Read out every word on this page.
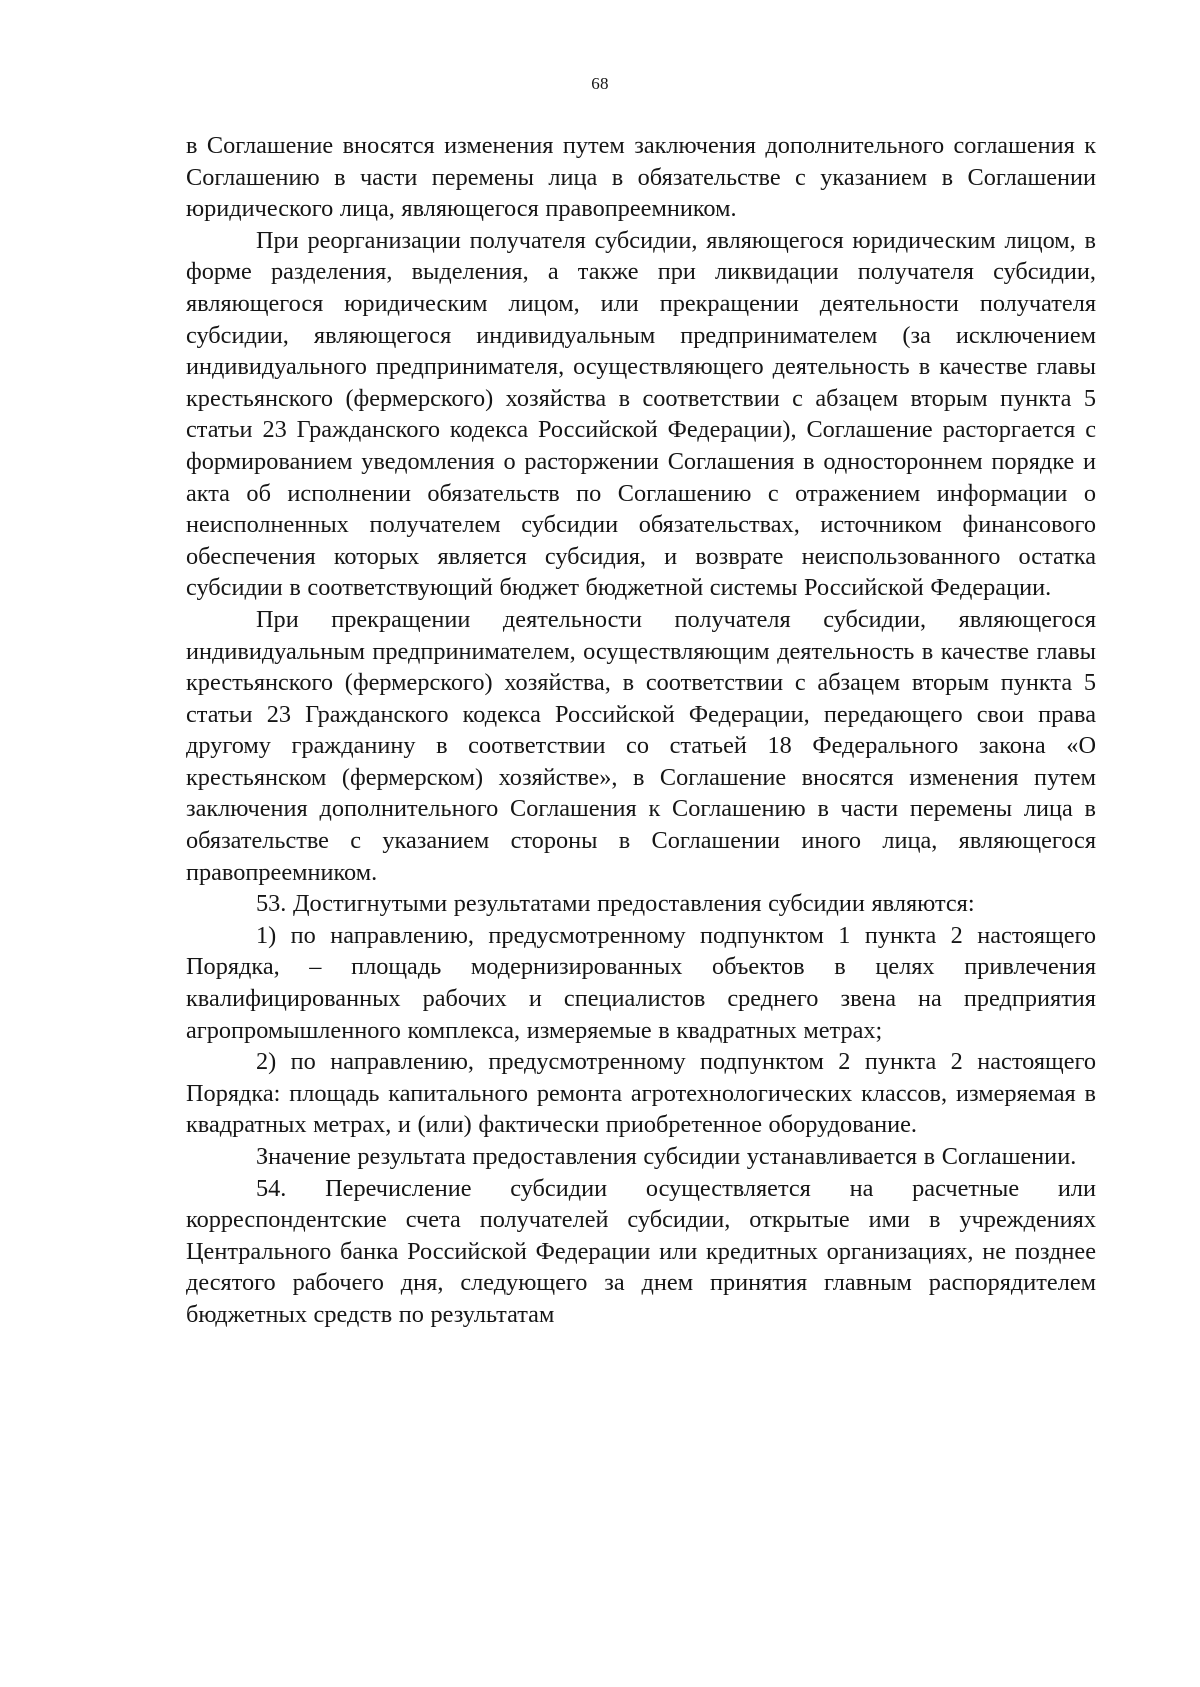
68

в Соглашение вносятся изменения путем заключения дополнительного соглашения к Соглашению в части перемены лица в обязательстве с указанием в Соглашении юридического лица, являющегося правопреемником.

При реорганизации получателя субсидии, являющегося юридическим лицом, в форме разделения, выделения, а также при ликвидации получателя субсидии, являющегося юридическим лицом, или прекращении деятельности получателя субсидии, являющегося индивидуальным предпринимателем (за исключением индивидуального предпринимателя, осуществляющего деятельность в качестве главы крестьянского (фермерского) хозяйства в соответствии с абзацем вторым пункта 5 статьи 23 Гражданского кодекса Российской Федерации), Соглашение расторгается с формированием уведомления о расторжении Соглашения в одностороннем порядке и акта об исполнении обязательств по Соглашению с отражением информации о неисполненных получателем субсидии обязательствах, источником финансового обеспечения которых является субсидия, и возврате неиспользованного остатка субсидии в соответствующий бюджет бюджетной системы Российской Федерации.

При прекращении деятельности получателя субсидии, являющегося индивидуальным предпринимателем, осуществляющим деятельность в качестве главы крестьянского (фермерского) хозяйства, в соответствии с абзацем вторым пункта 5 статьи 23 Гражданского кодекса Российской Федерации, передающего свои права другому гражданину в соответствии со статьей 18 Федерального закона «О крестьянском (фермерском) хозяйстве», в Соглашение вносятся изменения путем заключения дополнительного Соглашения к Соглашению в части перемены лица в обязательстве с указанием стороны в Соглашении иного лица, являющегося правопреемником.

53. Достигнутыми результатами предоставления субсидии являются:

1) по направлению, предусмотренному подпунктом 1 пункта 2 настоящего Порядка, – площадь модернизированных объектов в целях привлечения квалифицированных рабочих и специалистов среднего звена на предприятия агропромышленного комплекса, измеряемые в квадратных метрах;

2) по направлению, предусмотренному подпунктом 2 пункта 2 настоящего Порядка: площадь капитального ремонта агротехнологических классов, измеряемая в квадратных метрах, и (или) фактически приобретенное оборудование.

Значение результата предоставления субсидии устанавливается в Соглашении.

54. Перечисление субсидии осуществляется на расчетные или корреспондентские счета получателей субсидии, открытые ими в учреждениях Центрального банка Российской Федерации или кредитных организациях, не позднее десятого рабочего дня, следующего за днем принятия главным распорядителем бюджетных средств по результатам
